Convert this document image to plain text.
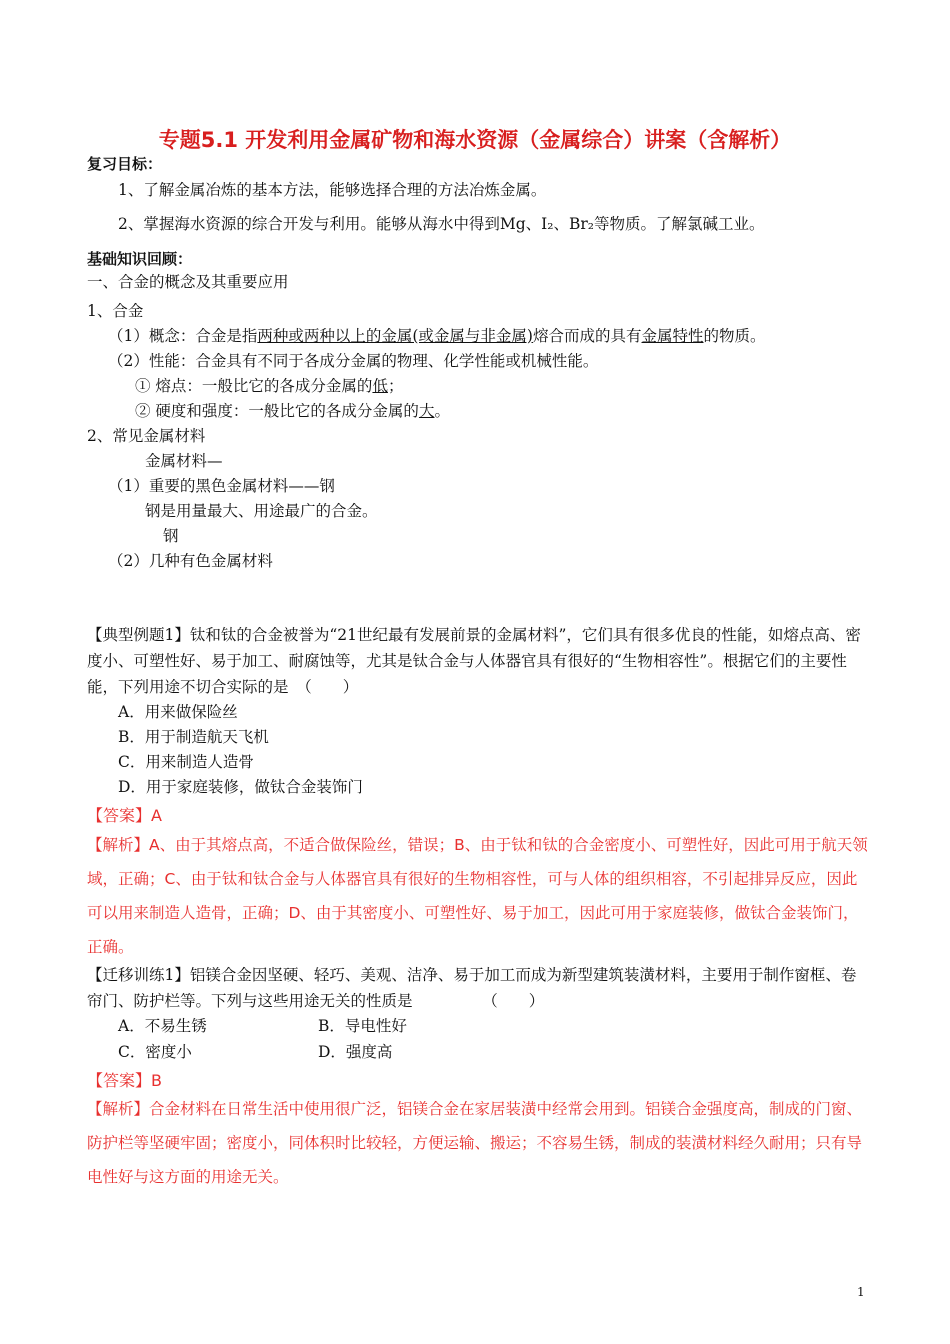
专题5.1 开发利用金属矿物和海水资源（金属综合）讲案（含解析）
复习目标：
1、了解金属冶炼的基本方法，能够选择合理的方法冶炼金属。
2、掌握海水资源的综合开发与利用。能够从海水中得到Mg、I₂、Br₂等物质。了解氯碱工业。
基础知识回顾：
一、合金的概念及其重要应用
1、合金
（1）概念：合金是指两种或两种以上的金属(或金属与非金属)熔合而成的具有金属特性的物质。
（2）性能：合金具有不同于各成分金属的物理、化学性能或机械性能。
① 熔点：一般比它的各成分金属的低；
② 硬度和强度：一般比它的各成分金属的大。
2、常见金属材料
金属材料—
（1）重要的黑色金属材料——钢
钢是用量最大、用途最广的合金。
钢
（2）几种有色金属材料
【典型例题1】钛和钛的合金被誉为“21世纪最有发展前景的金属材料”，它们具有很多优良的性能，如熔点高、密度小、可塑性好、易于加工、耐腐蚀等，尤其是钛合金与人体器官具有很好的“生物相容性”。根据它们的主要性能，下列用途不切合实际的是　（　　）
A．用来做保险丝
B．用于制造航天飞机
C．用来制造人造骨
D．用于家庭装修，做钛合金装饰门
【答案】A
【解析】A、由于其熔点高，不适合做保险丝，错误；B、由于钛和钛的合金密度小、可塑性好，因此可用于航天领域，正确；C、由于钛和钛合金与人体器官具有很好的生物相容性，可与人体的组织相容，不引起排异反应，因此可以用来制造人造骨，正确；D、由于其密度小、可塑性好、易于加工，因此可用于家庭装修，做钛合金装饰门，正确。
【迁移训练1】铝镁合金因坚硬、轻巧、美观、洁净、易于加工而成为新型建筑装潢材料，主要用于制作窗框、卷帘门、防护栏等。下列与这些用途无关的性质是　　　　　（　　）
A．不易生锈	B．导电性好
C．密度小	D．强度高
【答案】B
【解析】合金材料在日常生活中使用很广泛，铝镁合金在家居装潢中经常会用到。铝镁合金强度高，制成的门窗、防护栏等坚硬牢固；密度小，同体积时比较轻，方便运输、搬运；不容易生锈，制成的装潢材料经久耐用；只有导电性好与这方面的用途无关。
1
